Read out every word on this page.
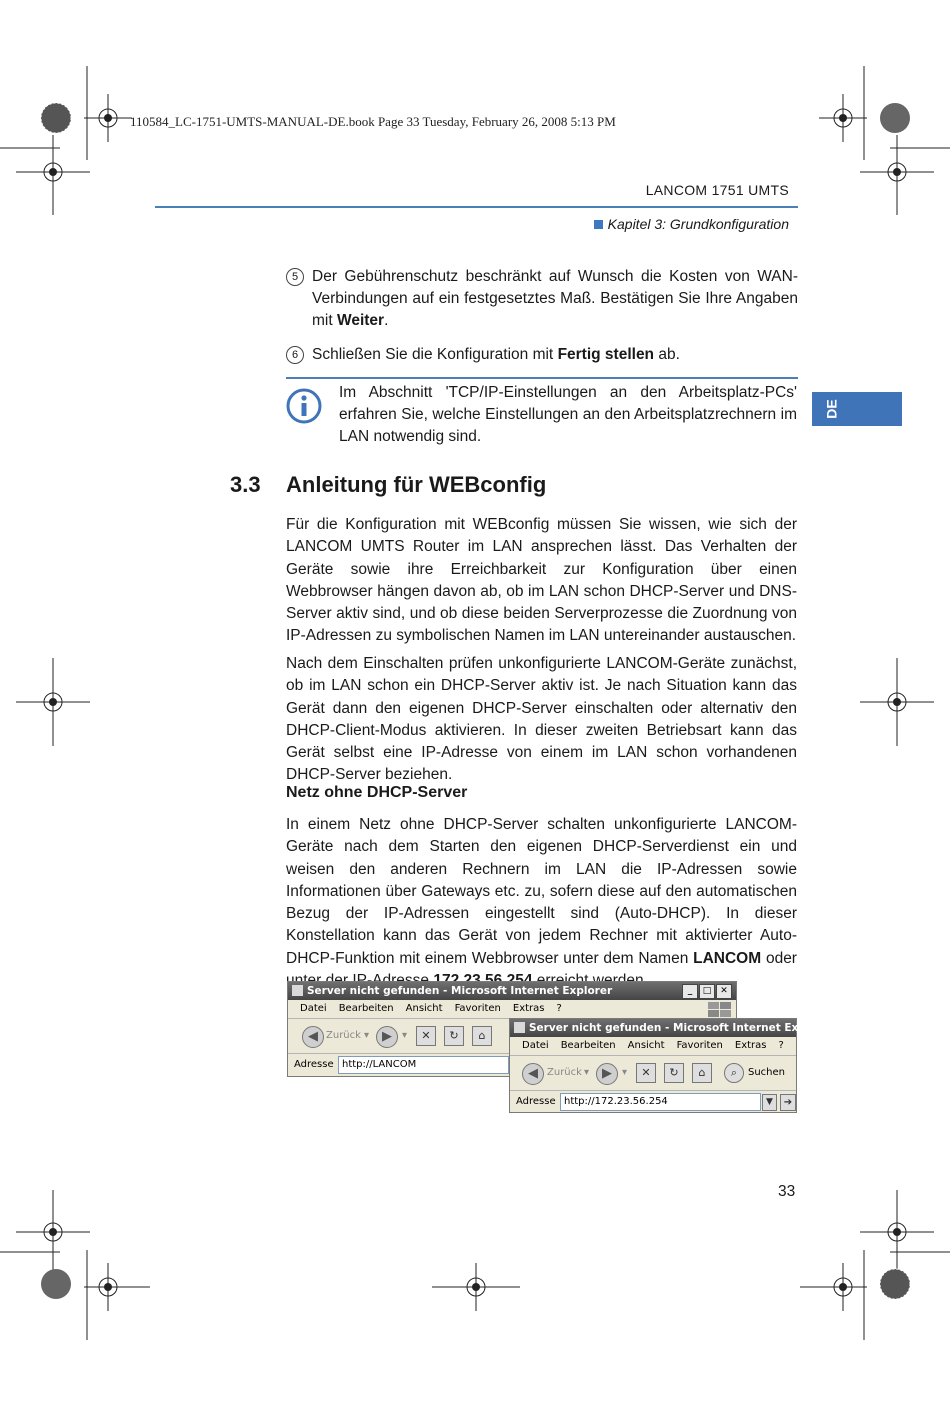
110584_LC-1751-UMTS-MANUAL-DE.book Page 33 Tuesday, February 26, 2008 5:13 PM
LANCOM 1751 UMTS
Kapitel 3: Grundkonfiguration
DE
5 Der Gebührenschutz beschränkt auf Wunsch die Kosten von WAN-Verbindungen auf ein festgesetztes Maß. Bestätigen Sie Ihre Angaben mit Weiter.
6 Schließen Sie die Konfiguration mit Fertig stellen ab.
Im Abschnitt 'TCP/IP-Einstellungen an den Arbeitsplatz-PCs' erfahren Sie, welche Einstellungen an den Arbeitsplatzrechnern im LAN notwendig sind.
3.3 Anleitung für WEBconfig
Für die Konfiguration mit WEBconfig müssen Sie wissen, wie sich der LANCOM UMTS Router im LAN ansprechen lässt. Das Verhalten der Geräte sowie ihre Erreichbarkeit zur Konfiguration über einen Webbrowser hängen davon ab, ob im LAN schon DHCP-Server und DNS-Server aktiv sind, und ob diese beiden Serverprozesse die Zuordnung von IP-Adressen zu symbolischen Namen im LAN untereinander austauschen.
Nach dem Einschalten prüfen unkonfigurierte LANCOM-Geräte zunächst, ob im LAN schon ein DHCP-Server aktiv ist. Je nach Situation kann das Gerät dann den eigenen DHCP-Server einschalten oder alternativ den DHCP-Client-Modus aktivieren. In dieser zweiten Betriebsart kann das Gerät selbst eine IP-Adresse von einem im LAN schon vorhandenen DHCP-Server beziehen.
Netz ohne DHCP-Server
In einem Netz ohne DHCP-Server schalten unkonfigurierte LANCOM-Geräte nach dem Starten den eigenen DHCP-Serverdienst ein und weisen den anderen Rechnern im LAN die IP-Adressen sowie Informationen über Gateways etc. zu, sofern diese auf den automatischen Bezug der IP-Adressen eingestellt sind (Auto-DHCP). In dieser Konstellation kann das Gerät von jedem Rechner mit aktivierter Auto-DHCP-Funktion mit einem Webbrowser unter dem Namen LANCOM oder
Server nicht gefunden - Microsoft Internet Explorer	_	□ ✕
Datei Bearbeiten Ansicht Favoriten Extras ?
◀ Zurück ▾ ▶	▾	✕	↻	⌂
Adresse http://LANCOM
Server nicht gefunden - Microsoft Internet Explorer
Datei Bearbeiten Ansicht Favoriten Extras ?
◀ Zurück ▾ ▶	▾	✕	↻	⌂	⌕	Suchen
Adresse http://172.23.56.254	▼	➔
33
